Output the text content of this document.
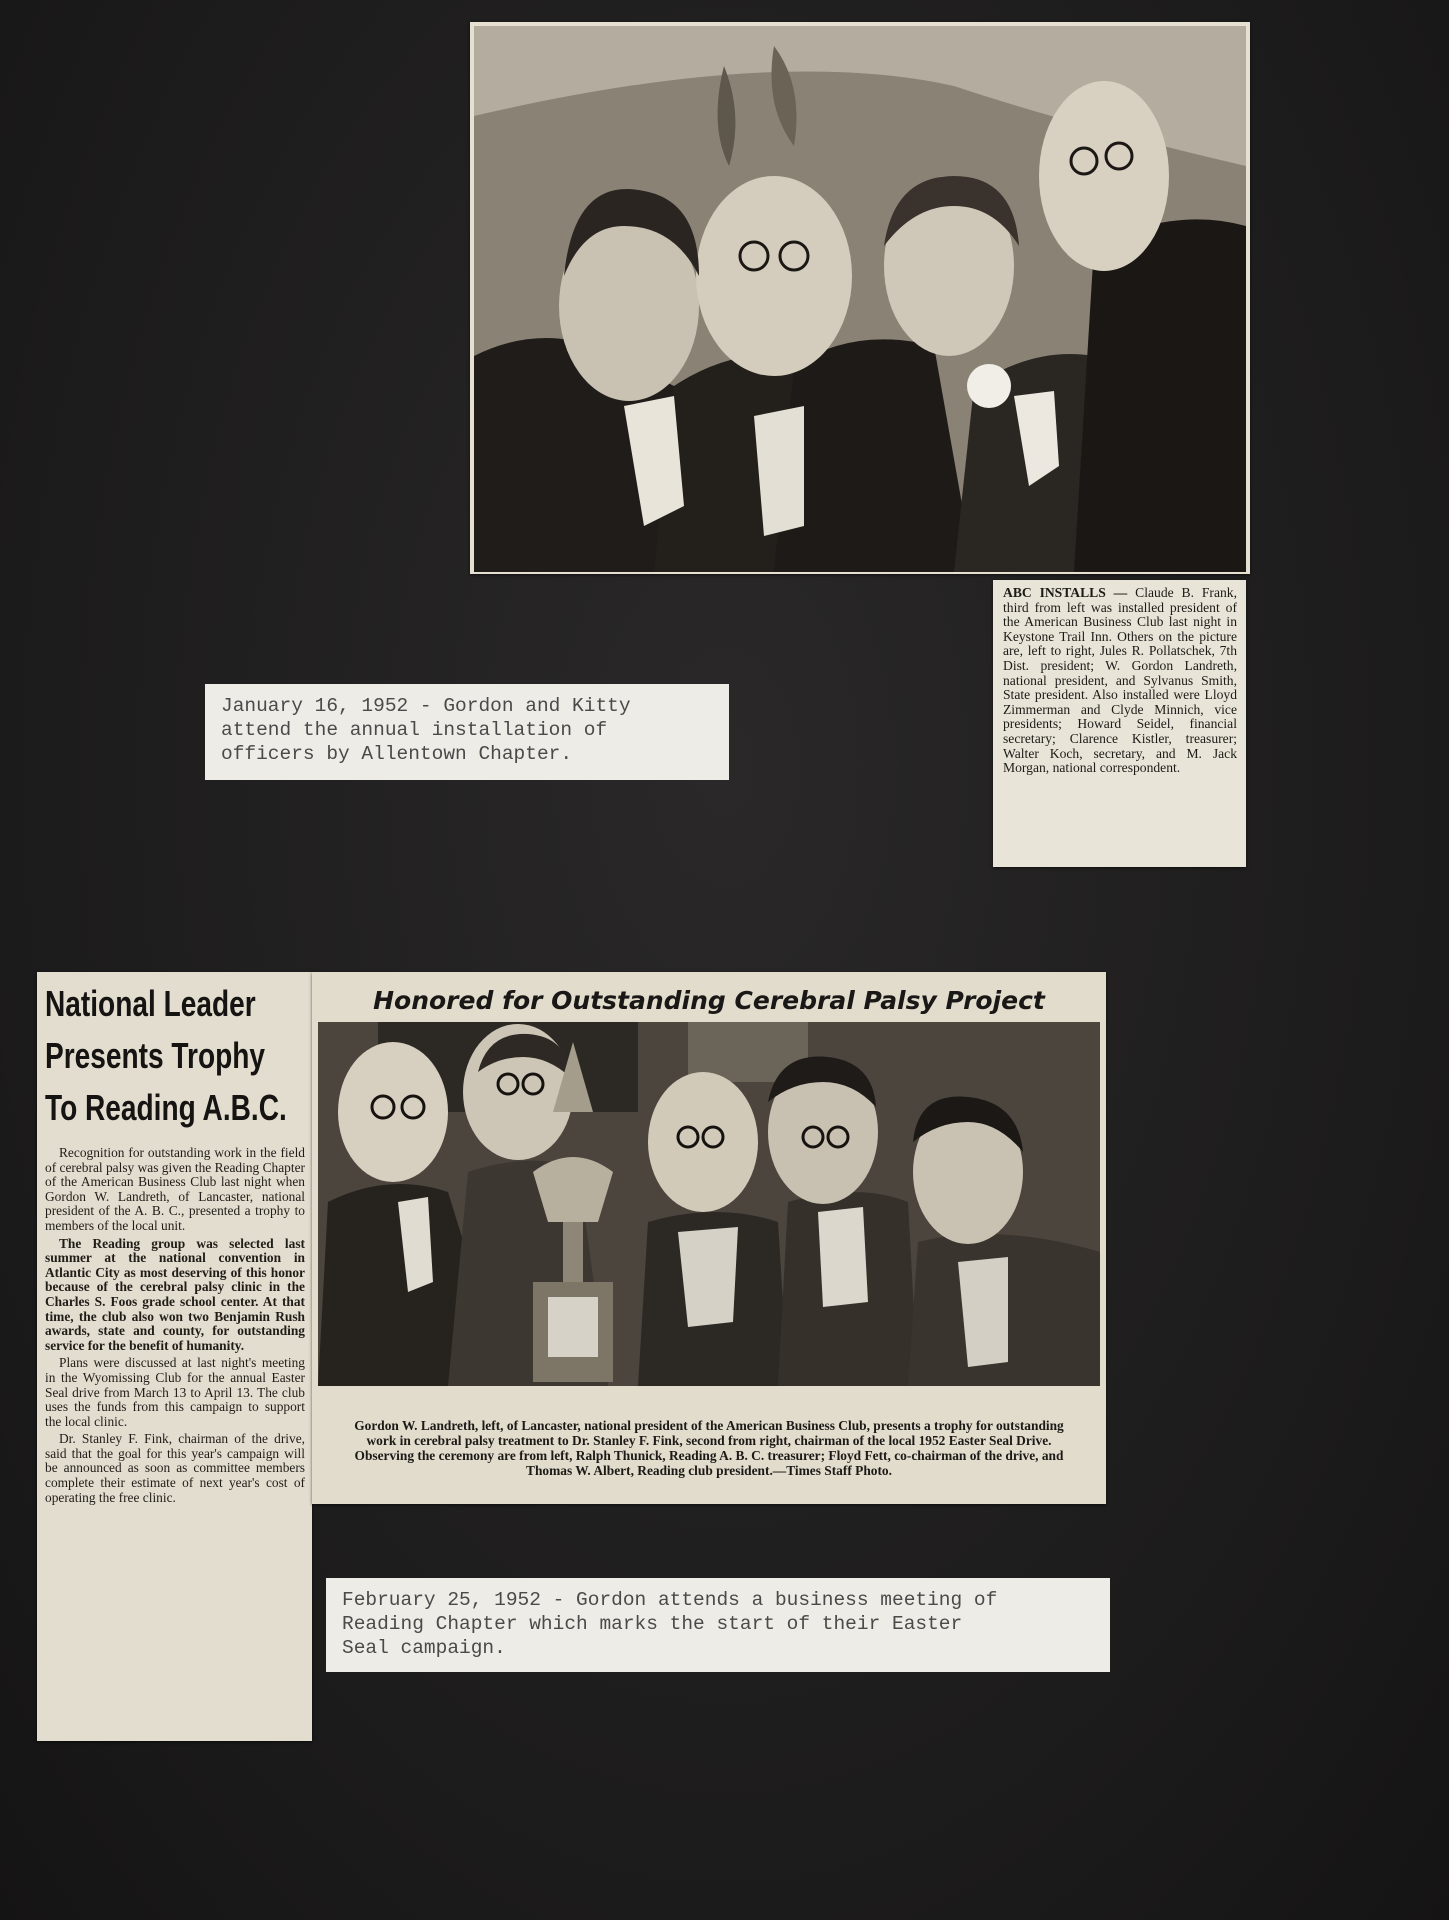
ABC INSTALLS — Claude B. Frank, third from left was installed president of the American Business Club last night in Keystone Trail Inn. Others on the picture are, left to right, Jules R. Pollatschek, 7th Dist. president; W. Gordon Landreth, national president, and Sylvanus Smith, State president. Also installed were Lloyd Zimmerman and Clyde Minnich, vice presidents; Howard Seidel, financial secretary; Clarence Kistler, treasurer; Walter Koch, secretary, and M. Jack Morgan, national correspondent.
January 16, 1952 - Gordon and Kitty
attend the annual installation of
officers by Allentown Chapter.
National Leader
Presents Trophy
To Reading A.B.C.

Recognition for outstanding work in the field of cerebral palsy was given the Reading Chapter of the American Business Club last night when Gordon W. Landreth, of Lancaster, national president of the A. B. C., presented a trophy to members of the local unit.

The Reading group was selected last summer at the national convention in Atlantic City as most deserving of this honor because of the cerebral palsy clinic in the Charles S. Foos grade school center. At that time, the club also won two Benjamin Rush awards, state and county, for outstanding service for the benefit of humanity.

Plans were discussed at last night's meeting in the Wyomissing Club for the annual Easter Seal drive from March 13 to April 13. The club uses the funds from this campaign to support the local clinic.

Dr. Stanley F. Fink, chairman of the drive, said that the goal for this year's campaign will be announced as soon as committee members complete their estimate of next year's cost of operating the free clinic.

Honored for Outstanding Cerebral Palsy Project
Gordon W. Landreth, left, of Lancaster, national president of the American Business Club, presents a trophy for outstanding work in cerebral palsy treatment to Dr. Stanley F. Fink, second from right, chairman of the local 1952 Easter Seal Drive. Observing the ceremony are from left, Ralph Thunick, Reading A. B. C. treasurer; Floyd Fett, co-chairman of the drive, and Thomas W. Albert, Reading club president.—Times Staff Photo.
February 25, 1952 - Gordon attends a business meeting of
Reading Chapter which marks the start of their Easter
Seal campaign.
